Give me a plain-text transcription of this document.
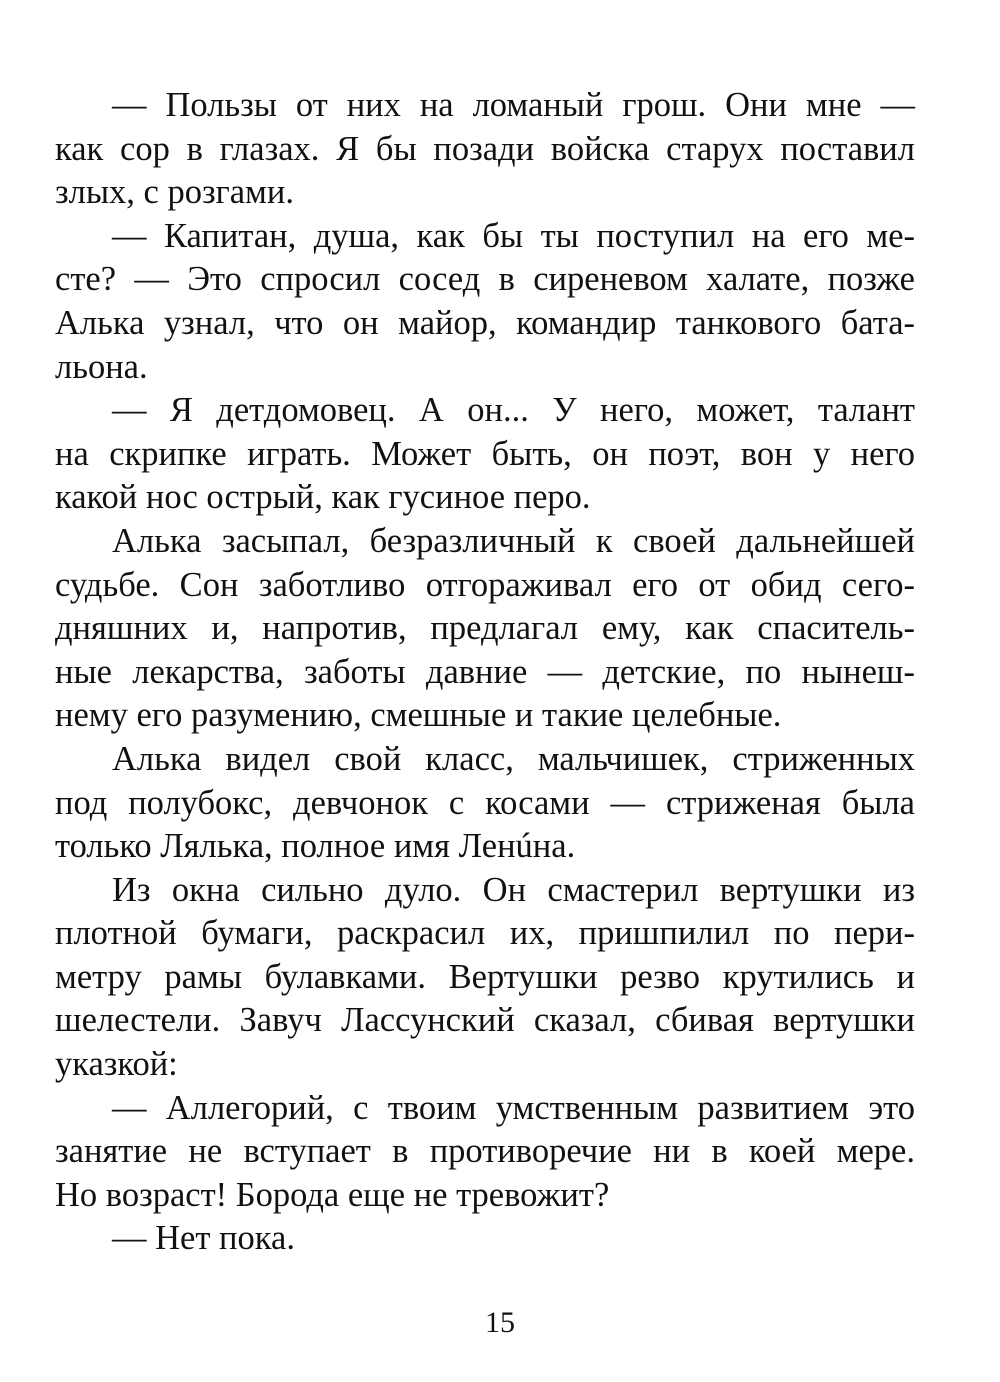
— Пользы от них на ломаный грош. Они мне —
как сор в глазах. Я бы позади войска старух поставил
злых, с розгами.
— Капитан, душа, как бы ты поступил на его ме-
сте? — Это спросил сосед в сиреневом халате, позже
Алька узнал, что он майор, командир танкового бата-
льона.
— Я детдомовец. А он... У него, может, талант
на скрипке играть. Может быть, он поэт, вон у него
какой нос острый, как гусиное перо.
Алька засыпал, безразличный к своей дальнейшей
судьбе. Сон заботливо отгораживал его от обид сего-
дняшних и, напротив, предлагал ему, как спаситель-
ные лекарства, заботы давние — детские, по нынеш-
нему его разумению, смешные и такие целебные.
Алька видел свой класс, мальчишек, стриженных
под полубокс, девчонок с косами — стриженая была
только Лялька, полное имя Ленúна.
Из окна сильно дуло. Он смастерил вертушки из
плотной бумаги, раскрасил их, пришпилил по пери-
метру рамы булавками. Вертушки резво крутились и
шелестели. Завуч Лассунский сказал, сбивая вертушки
указкой:
— Аллегорий, с твоим умственным развитием это
занятие не вступает в противоречие ни в коей мере.
Но возраст! Борода еще не тревожит?
— Нет пока.
15
